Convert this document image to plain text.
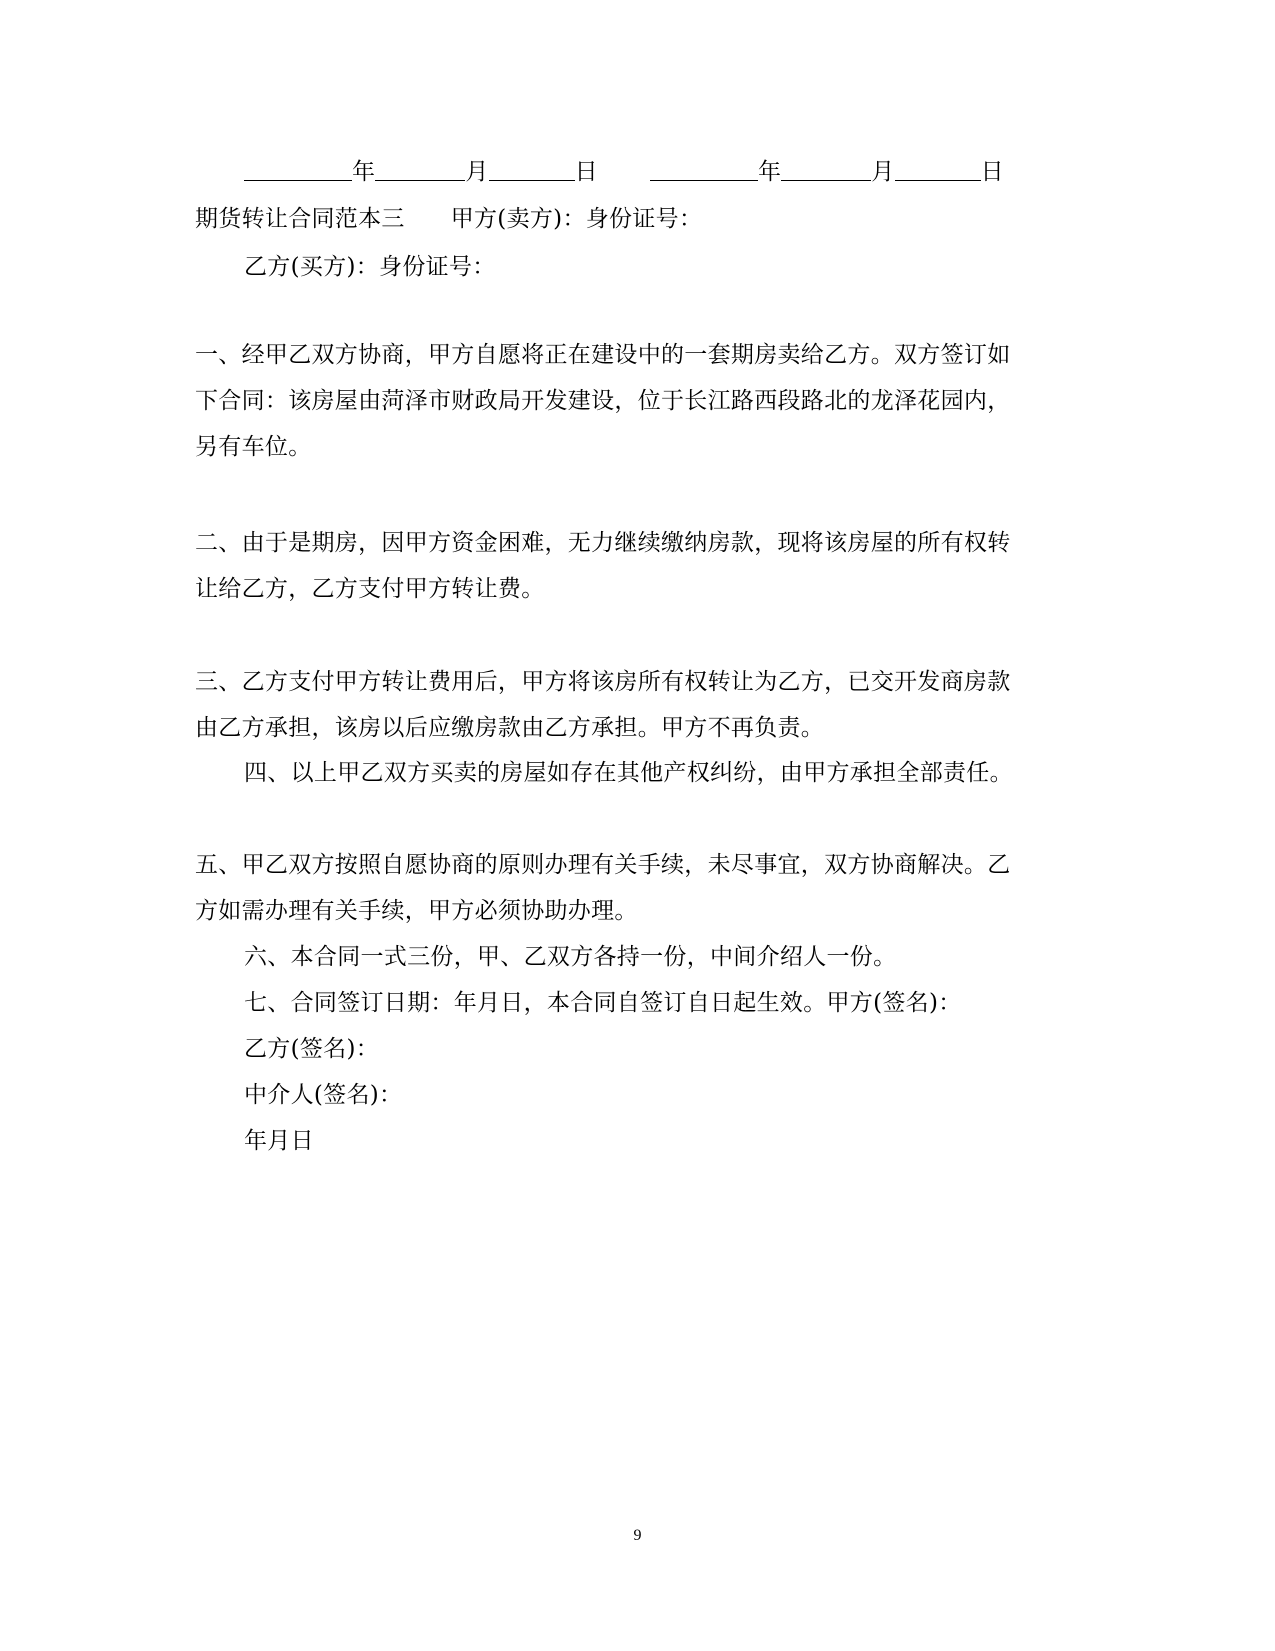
年	月	日	年	月	日
期货转让合同范本三 甲方(卖方)：身份证号：
乙方(买方)：身份证号：
一、经甲乙双方协商，甲方自愿将正在建设中的一套期房卖给乙方。双方签订如
下合同：该房屋由菏泽市财政局开发建设，位于长江路西段路北的龙泽花园内，
另有车位。
二、由于是期房，因甲方资金困难，无力继续缴纳房款，现将该房屋的所有权转
让给乙方，乙方支付甲方转让费。
三、乙方支付甲方转让费用后，甲方将该房所有权转让为乙方，已交开发商房款
由乙方承担，该房以后应缴房款由乙方承担。甲方不再负责。
四、以上甲乙双方买卖的房屋如存在其他产权纠纷，由甲方承担全部责任。
五、甲乙双方按照自愿协商的原则办理有关手续，未尽事宜，双方协商解决。乙
方如需办理有关手续，甲方必须协助办理。
六、本合同一式三份，甲、乙双方各持一份，中间介绍人一份。
七、合同签订日期：年月日，本合同自签订自日起生效。甲方(签名)：
乙方(签名)：
中介人(签名)：
年月日
9
